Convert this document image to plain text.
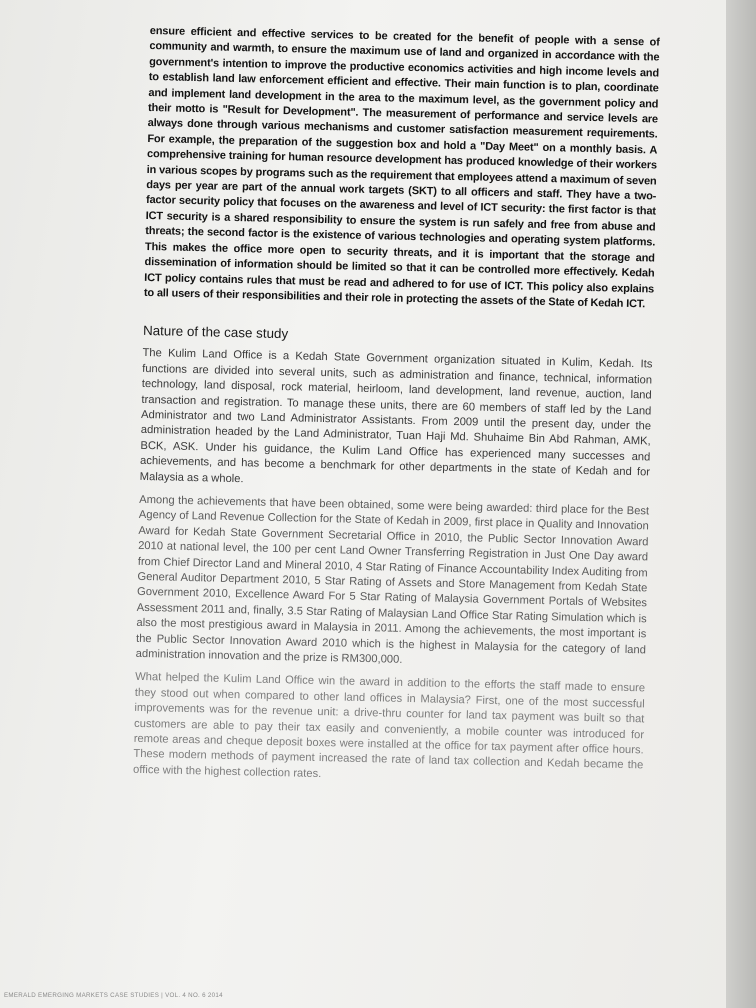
ensure efficient and effective services to be created for the benefit of people with a sense of community and warmth, to ensure the maximum use of land and organized in accordance with the government's intention to improve the productive economics activities and high income levels and to establish land law enforcement efficient and effective. Their main function is to plan, coordinate and implement land development in the area to the maximum level, as the government policy and their motto is "Result for Development". The measurement of performance and service levels are always done through various mechanisms and customer satisfaction measurement requirements. For example, the preparation of the suggestion box and hold a "Day Meet" on a monthly basis. A comprehensive training for human resource development has produced knowledge of their workers in various scopes by programs such as the requirement that employees attend a maximum of seven days per year are part of the annual work targets (SKT) to all officers and staff. They have a two-factor security policy that focuses on the awareness and level of ICT security: the first factor is that ICT security is a shared responsibility to ensure the system is run safely and free from abuse and threats; the second factor is the existence of various technologies and operating system platforms. This makes the office more open to security threats, and it is important that the storage and dissemination of information should be limited so that it can be controlled more effectively. Kedah ICT policy contains rules that must be read and adhered to for use of ICT. This policy also explains to all users of their responsibilities and their role in protecting the assets of the State of Kedah ICT.

Nature of the case study

The Kulim Land Office is a Kedah State Government organization situated in Kulim, Kedah. Its functions are divided into several units, such as administration and finance, technical, information technology, land disposal, rock material, heirloom, land development, land revenue, auction, land transaction and registration. To manage these units, there are 60 members of staff led by the Land Administrator and two Land Administrator Assistants. From 2009 until the present day, under the administration headed by the Land Administrator, Tuan Haji Md. Shuhaime Bin Abd Rahman, AMK, BCK, ASK. Under his guidance, the Kulim Land Office has experienced many successes and achievements, and has become a benchmark for other departments in the state of Kedah and for Malaysia as a whole.

Among the achievements that have been obtained, some were being awarded: third place for the Best Agency of Land Revenue Collection for the State of Kedah in 2009, first place in Quality and Innovation Award for Kedah State Government Secretarial Office in 2010, the Public Sector Innovation Award 2010 at national level, the 100 per cent Land Owner Transferring Registration in Just One Day award from Chief Director Land and Mineral 2010, 4 Star Rating of Finance Accountability Index Auditing from General Auditor Department 2010, 5 Star Rating of Assets and Store Management from Kedah State Government 2010, Excellence Award For 5 Star Rating of Malaysia Government Portals of Websites Assessment 2011 and, finally, 3.5 Star Rating of Malaysian Land Office Star Rating Simulation which is also the most prestigious award in Malaysia in 2011. Among the achievements, the most important is the Public Sector Innovation Award 2010 which is the highest in Malaysia for the category of land administration innovation and the prize is RM300,000.

What helped the Kulim Land Office win the award in addition to the efforts the staff made to ensure they stood out when compared to other land offices in Malaysia? First, one of the most successful improvements was for the revenue unit: a drive-thru counter for land tax payment was built so that customers are able to pay their tax easily and conveniently, a mobile counter was introduced for remote areas and cheque deposit boxes were installed at the office for tax payment after office hours. These modern methods of payment increased the rate of land tax collection and Kedah became the office with the highest collection rates.

EMERALD EMERGING MARKETS CASE STUDIES | VOL. 4 NO. 6 2014
